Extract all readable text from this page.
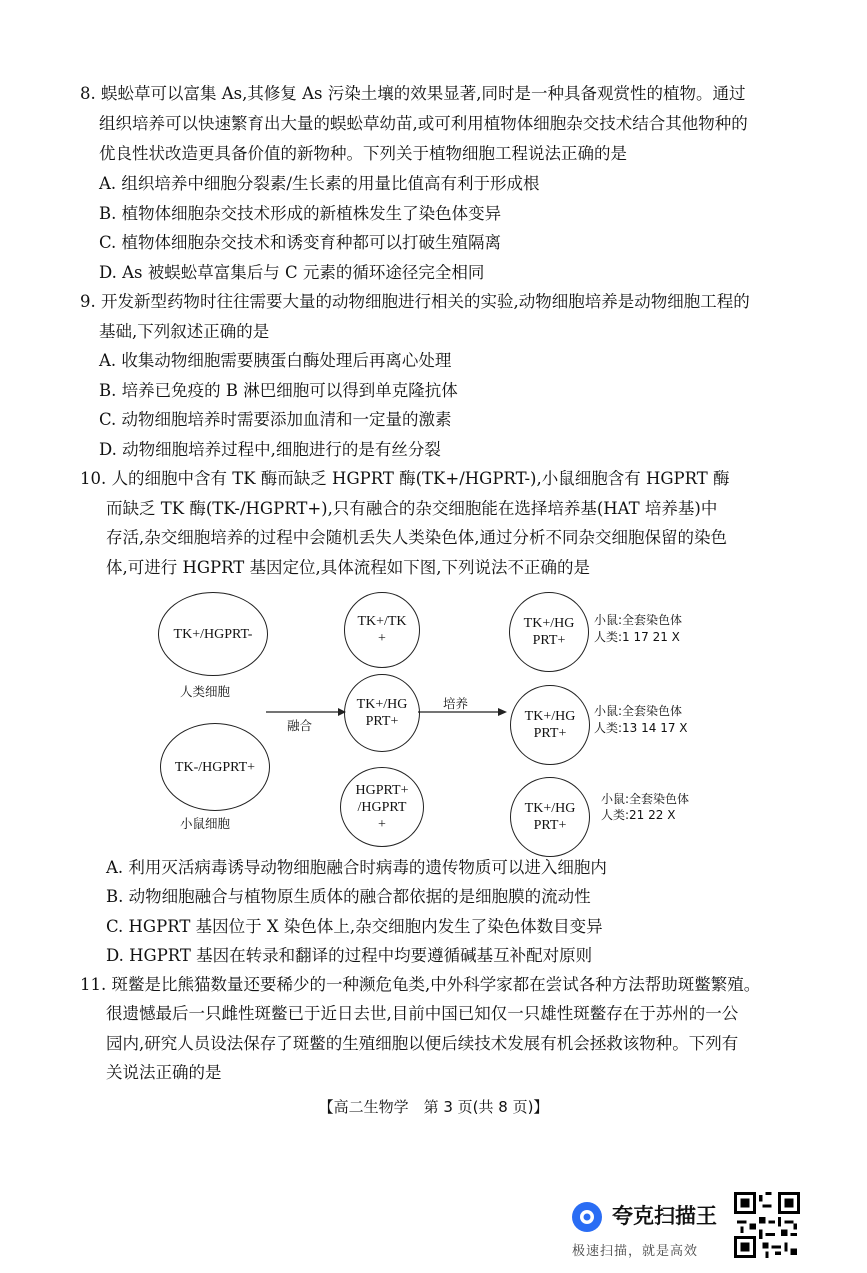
8. 蜈蚣草可以富集 As,其修复 As 污染土壤的效果显著,同时是一种具备观赏性的植物。通过
组织培养可以快速繁育出大量的蜈蚣草幼苗,或可利用植物体细胞杂交技术结合其他物种的
优良性状改造更具备价值的新物种。下列关于植物细胞工程说法正确的是
A. 组织培养中细胞分裂素/生长素的用量比值高有利于形成根
B. 植物体细胞杂交技术形成的新植株发生了染色体变异
C. 植物体细胞杂交技术和诱变育种都可以打破生殖隔离
D. As 被蜈蚣草富集后与 C 元素的循环途径完全相同
9. 开发新型药物时往往需要大量的动物细胞进行相关的实验,动物细胞培养是动物细胞工程的
基础,下列叙述正确的是
A. 收集动物细胞需要胰蛋白酶处理后再离心处理
B. 培养已免疫的 B 淋巴细胞可以得到单克隆抗体
C. 动物细胞培养时需要添加血清和一定量的激素
D. 动物细胞培养过程中,细胞进行的是有丝分裂
10. 人的细胞中含有 TK 酶而缺乏 HGPRT 酶(TK+/HGPRT-),小鼠细胞含有 HGPRT 酶
而缺乏 TK 酶(TK-/HGPRT+),只有融合的杂交细胞能在选择培养基(HAT 培养基)中
存活,杂交细胞培养的过程中会随机丢失人类染色体,通过分析不同杂交细胞保留的染色
体,可进行 HGPRT 基因定位,具体流程如下图,下列说法不正确的是
TK+/HGPRT-
人类细胞
TK-/HGPRT+
小鼠细胞
融合
培养
TK+/TK
+
TK+/HG
PRT+
HGPRT+
/HGPRT
+
TK+/HG
PRT+
TK+/HG
PRT+
TK+/HG
PRT+
小鼠:全套染色体
人类:1 17 21 X
小鼠:全套染色体
人类:13 14 17 X
小鼠:全套染色体
人类:21 22 X
A. 利用灭活病毒诱导动物细胞融合时病毒的遗传物质可以进入细胞内
B. 动物细胞融合与植物原生质体的融合都依据的是细胞膜的流动性
C. HGPRT 基因位于 X 染色体上,杂交细胞内发生了染色体数目变异
D. HGPRT 基因在转录和翻译的过程中均要遵循碱基互补配对原则
11. 斑鳖是比熊猫数量还要稀少的一种濒危龟类,中外科学家都在尝试各种方法帮助斑鳖繁殖。
很遗憾最后一只雌性斑鳖已于近日去世,目前中国已知仅一只雄性斑鳖存在于苏州的一公
园内,研究人员设法保存了斑鳖的生殖细胞以便后续技术发展有机会拯救该物种。下列有
关说法正确的是
【高二生物学　第 3 页(共 8 页)】
夸克扫描王
极速扫描，就是高效
